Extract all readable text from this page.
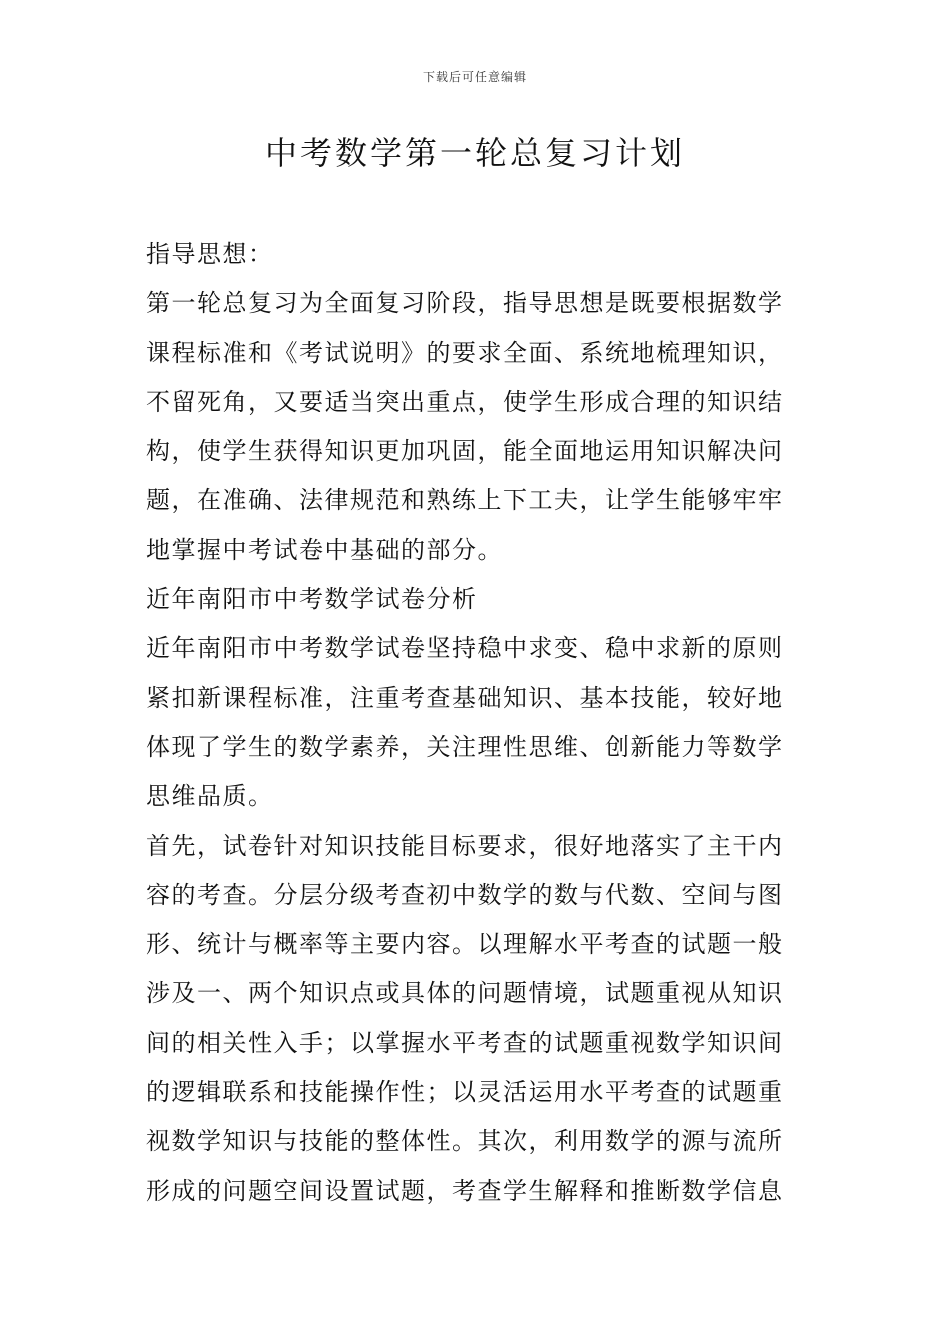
下载后可任意编辑
中考数学第一轮总复习计划
指导思想：
第一轮总复习为全面复习阶段，指导思想是既要根据数学
课程标准和《考试说明》的要求全面、系统地梳理知识，
不留死角，又要适当突出重点，使学生形成合理的知识结
构，使学生获得知识更加巩固，能全面地运用知识解决问
题，在准确、法律规范和熟练上下工夫，让学生能够牢牢
地掌握中考试卷中基础的部分。
近年南阳市中考数学试卷分析
近年南阳市中考数学试卷坚持稳中求变、稳中求新的原则
紧扣新课程标准，注重考查基础知识、基本技能，较好地
体现了学生的数学素养，关注理性思维、创新能力等数学
思维品质。
首先，试卷针对知识技能目标要求，很好地落实了主干内
容的考查。分层分级考查初中数学的数与代数、空间与图
形、统计与概率等主要内容。以理解水平考查的试题一般
涉及一、两个知识点或具体的问题情境，试题重视从知识
间的相关性入手；以掌握水平考查的试题重视数学知识间
的逻辑联系和技能操作性；以灵活运用水平考查的试题重
视数学知识与技能的整体性。其次，利用数学的源与流所
形成的问题空间设置试题，考查学生解释和推断数学信息
